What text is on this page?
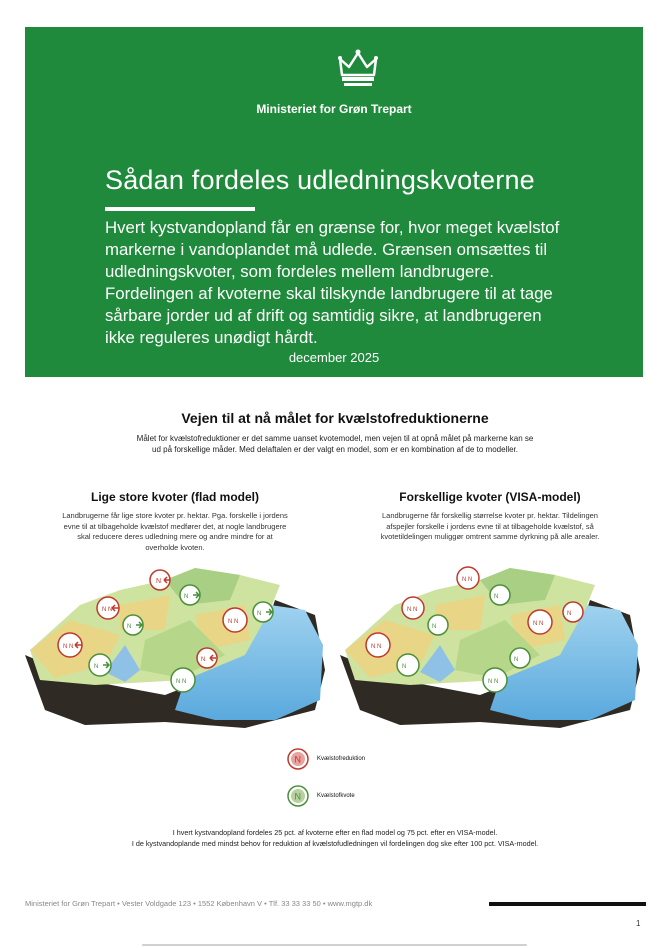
Ministeriet for Grøn Trepart
Sådan fordeles udledningskvoterne
Hvert kystvandopland får en grænse for, hvor meget kvælstof markerne i vandoplandet må udlede. Grænsen omsættes til udledningskvoter, som fordeles mellem landbrugere. Fordelingen af kvoterne skal tilskynde landbrugere til at tage sårbare jorder ud af drift og samtidig sikre, at landbrugeren ikke reguleres unødigt hårdt.
december 2025
Vejen til at nå målet for kvælstofreduktionerne
Målet for kvælstofreduktioner er det samme uanset kvotemodel, men vejen til at opnå målet på markerne kan se ud på forskellige måder. Med delaftalen er der valgt en model, som er en kombination af de to modeller.
Lige store kvoter (flad model)
Landbrugerne får lige store kvoter pr. hektar. Pga. forskelle i jordens evne til at tilbageholde kvælstof medfører det, at nogle landbrugere skal reducere deres udledning mere og andre mindre for at overholde kvoten.
Forskellige kvoter (VISA-model)
Landbrugerne får forskellig størrelse kvoter pr. hektar. Tildelingen afspejler forskelle i jordens evne til at tilbageholde kvælstof, så kvotetildelingen muliggør omtrent samme dyrkning på alle arealer.
N
N N
N N
N
N
N
N N
N
N
N N
N N
N N
N N
N
N
N
N N
N
N
N N
N	Kvælstofreduktion
N	Kvælstofkvote
I hvert kystvandopland fordeles 25 pct. af kvoterne efter en flad model og 75 pct. efter en VISA-model.
I de kystvandoplande med mindst behov for reduktion af kvælstofudledningen vil fordelingen dog ske efter 100 pct. VISA-model.
Ministeriet for Grøn Trepart • Vester Voldgade 123 • 1552 København V • Tlf. 33 33 33 50 • www.mgtp.dk
1
